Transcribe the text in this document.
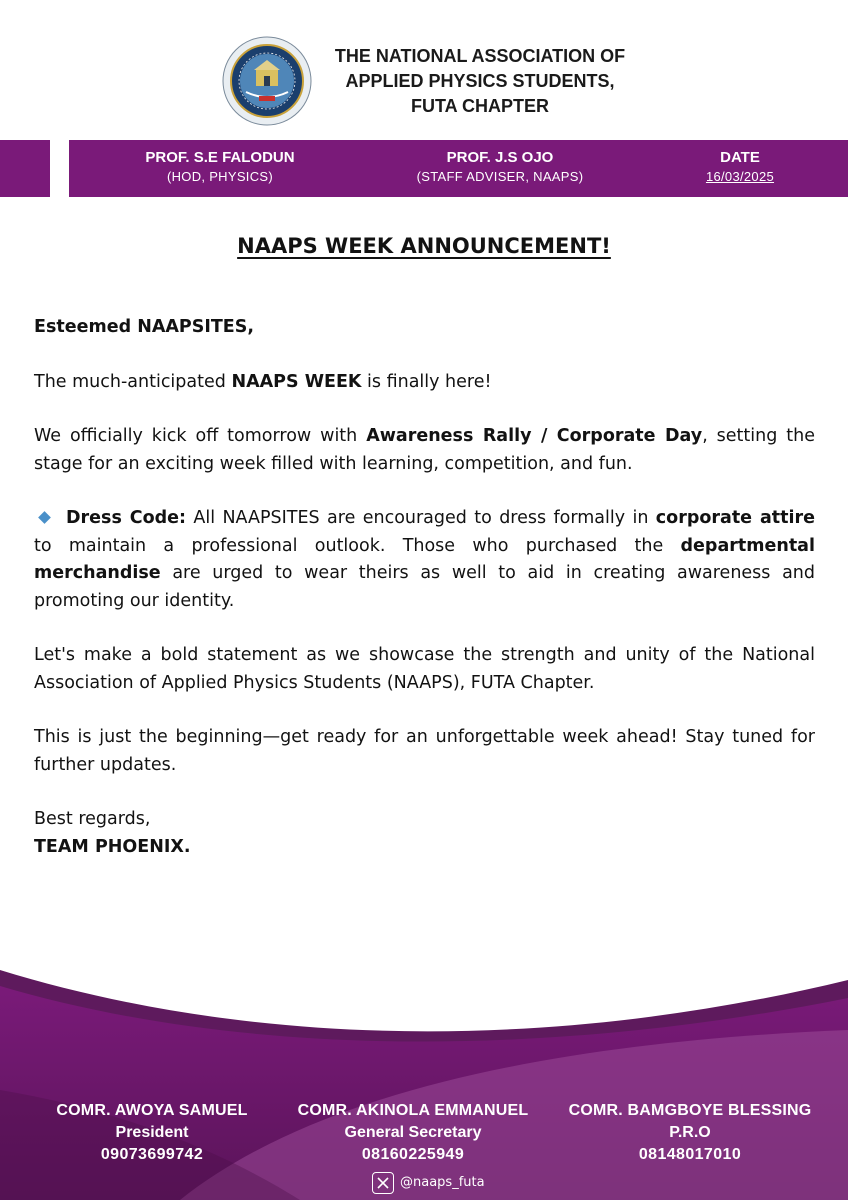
THE NATIONAL ASSOCIATION OF
APPLIED PHYSICS STUDENTS,
FUTA CHAPTER
PROF. S.E FALODUN
(HOD, PHYSICS)
PROF. J.S OJO
(STAFF ADVISER, NAAPS)
DATE
16/03/2025
NAAPS WEEK ANNOUNCEMENT!

Esteemed NAAPSITES,

The much-anticipated NAAPS WEEK is finally here!

We officially kick off tomorrow with Awareness Rally / Corporate Day, setting the stage for an exciting week filled with learning, competition, and fun.

Dress Code: All NAAPSITES are encouraged to dress formally in corporate attire to maintain a professional outlook. Those who purchased the departmental merchandise are urged to wear theirs as well to aid in creating awareness and promoting our identity.

Let's make a bold statement as we showcase the strength and unity of the National Association of Applied Physics Students (NAAPS), FUTA Chapter.

This is just the beginning—get ready for an unforgettable week ahead! Stay tuned for further updates.

Best regards,
TEAM PHOENIX.
COMR. AWOYA SAMUEL
President
09073699742
COMR. AKINOLA EMMANUEL
General Secretary
08160225949
COMR. BAMGBOYE BLESSING
P.R.O
08148017010
@naaps_futa
